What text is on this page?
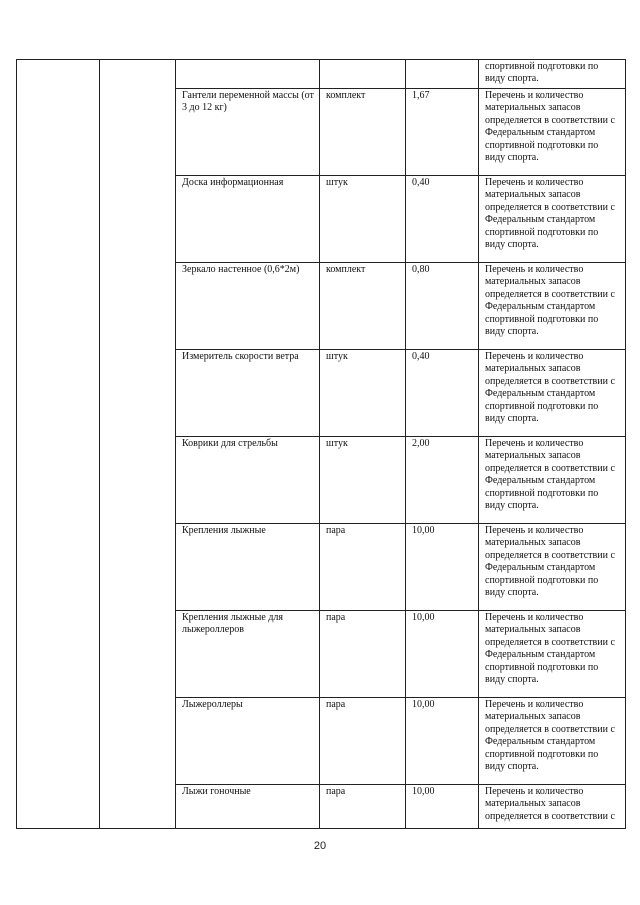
					спортивной подготовки по виду спорта.
		Гантели переменной массы (от 3 до 12 кг)	комплект	1,67	Перечень и количество материальных запасов определяется в соответствии с Федеральным стандартом спортивной подготовки по виду спорта.
		Доска информационная	штук	0,40	Перечень и количество материальных запасов определяется в соответствии с Федеральным стандартом спортивной подготовки по виду спорта.
		Зеркало настенное (0,6*2м)	комплект	0,80	Перечень и количество материальных запасов определяется в соответствии с Федеральным стандартом спортивной подготовки по виду спорта.
		Измеритель скорости ветра	штук	0,40	Перечень и количество материальных запасов определяется в соответствии с Федеральным стандартом спортивной подготовки по виду спорта.
		Коврики для стрельбы	штук	2,00	Перечень и количество материальных запасов определяется в соответствии с Федеральным стандартом спортивной подготовки по виду спорта.
		Крепления лыжные	пара	10,00	Перечень и количество материальных запасов определяется в соответствии с Федеральным стандартом спортивной подготовки по виду спорта.
		Крепления лыжные для лыжероллеров	пара	10,00	Перечень и количество материальных запасов определяется в соответствии с Федеральным стандартом спортивной подготовки по виду спорта.
		Лыжероллеры	пара	10,00	Перечень и количество материальных запасов определяется в соответствии с Федеральным стандартом спортивной подготовки по виду спорта.
		Лыжи гоночные	пара	10,00	Перечень и количество материальных запасов определяется в соответствии с
20
